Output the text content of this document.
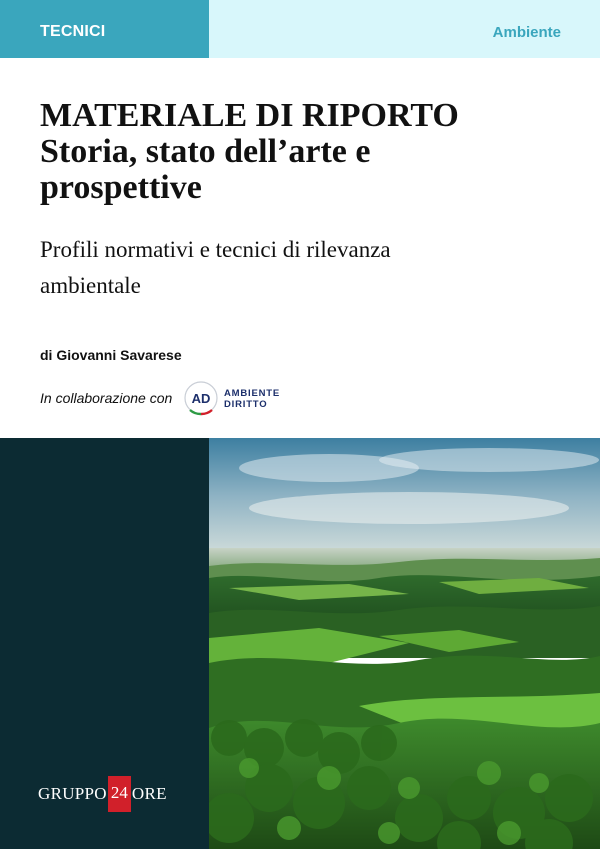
TECNICI	Ambiente
MATERIALE DI RIPORTO
Storia, stato dell’arte e
prospettive
Profili normativi e tecnici di rilevanza
ambientale
di Giovanni Savarese
In collaborazione con AD AMBIENTE
DIRITTO
GRUPPO 24 ORE
